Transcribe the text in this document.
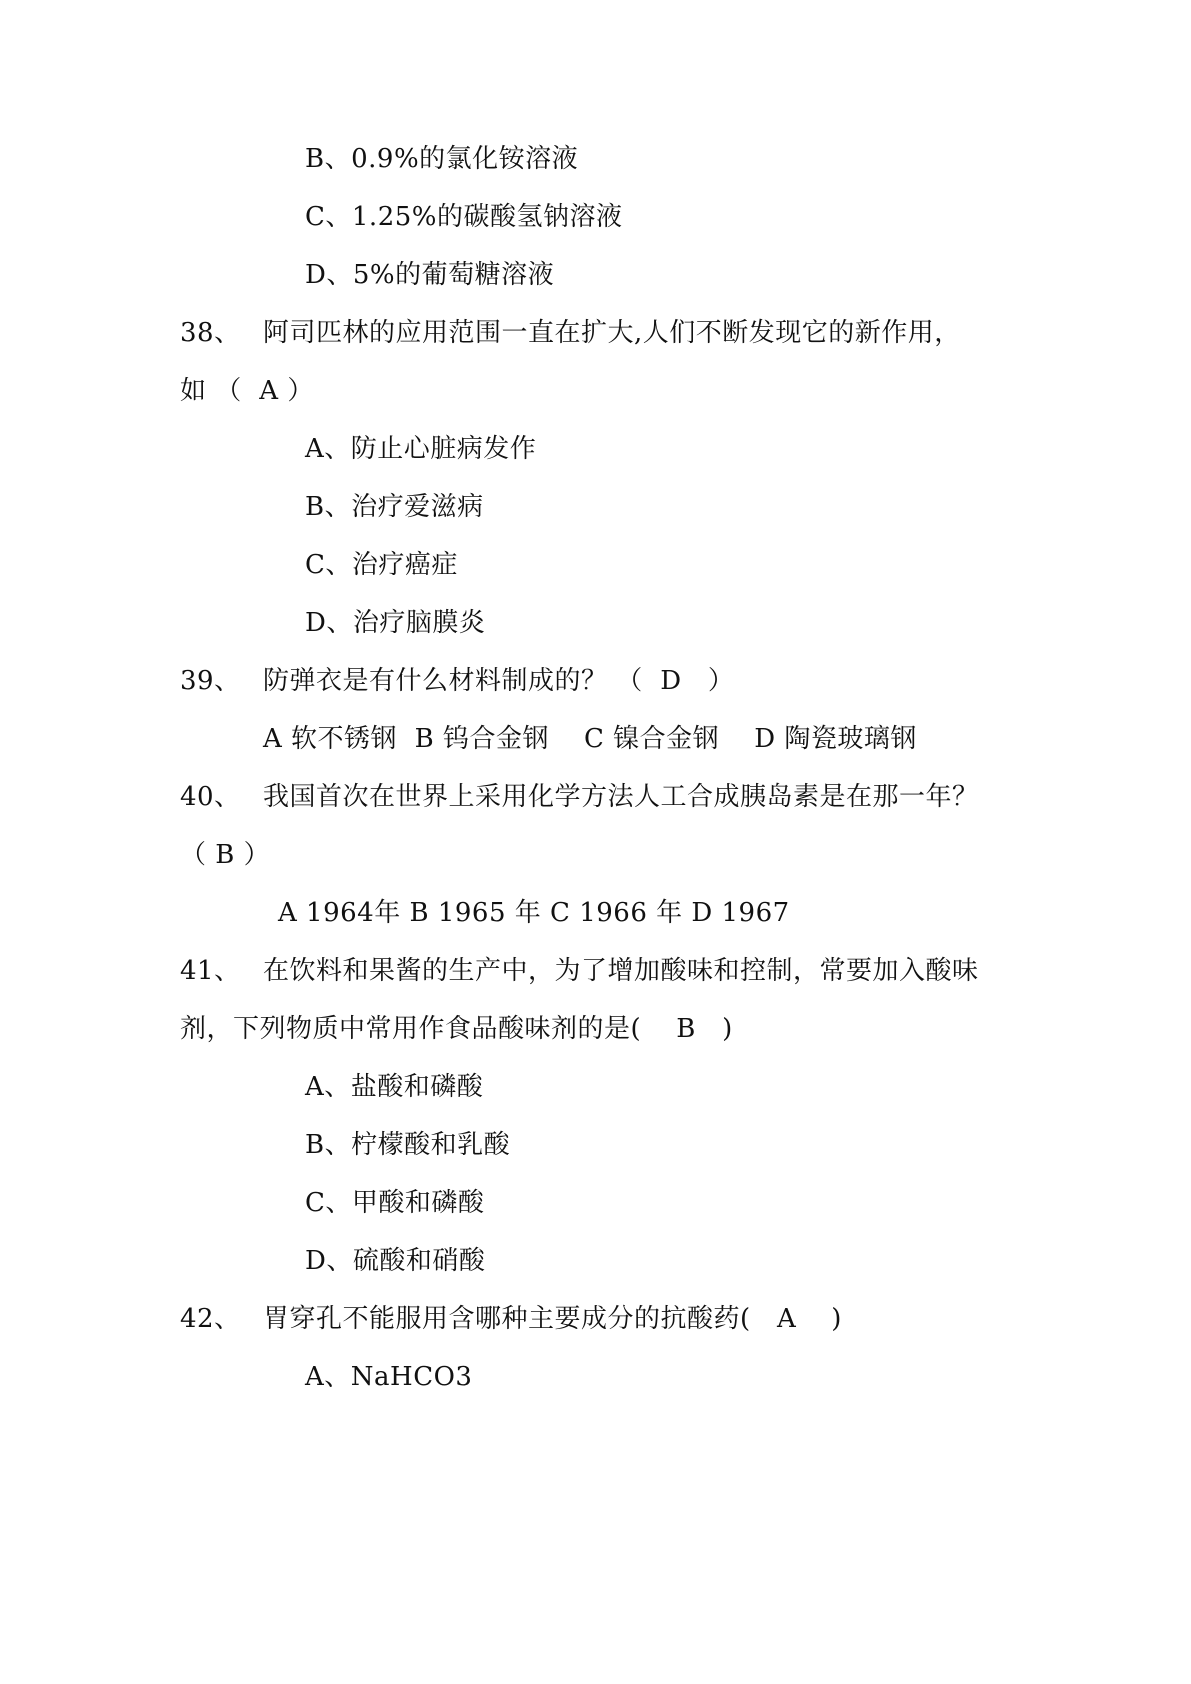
B、0.9%的氯化铵溶液
C、1.25%的碳酸氢钠溶液
D、5%的葡萄糖溶液
38、 阿司匹林的应用范围一直在扩大,人们不断发现它的新作用，
如 （  A ）
A、防止心脏病发作
B、治疗爱滋病
C、治疗癌症
D、治疗脑膜炎
39、 防弹衣是有什么材料制成的？ （  D   ）
A 软不锈钢  B 钨合金钢    C 镍合金钢    D 陶瓷玻璃钢
40、 我国首次在世界上采用化学方法人工合成胰岛素是在那一年？
（ B ）
A 1964年 B 1965 年 C 1966 年 D 1967
41、 在饮料和果酱的生产中，为了增加酸味和控制，常要加入酸味
剂，下列物质中常用作食品酸味剂的是(    B   )
A、盐酸和磷酸
B、柠檬酸和乳酸
C、甲酸和磷酸
D、硫酸和硝酸
42、 胃穿孔不能服用含哪种主要成分的抗酸药(   A    )
A、NaHCO3
